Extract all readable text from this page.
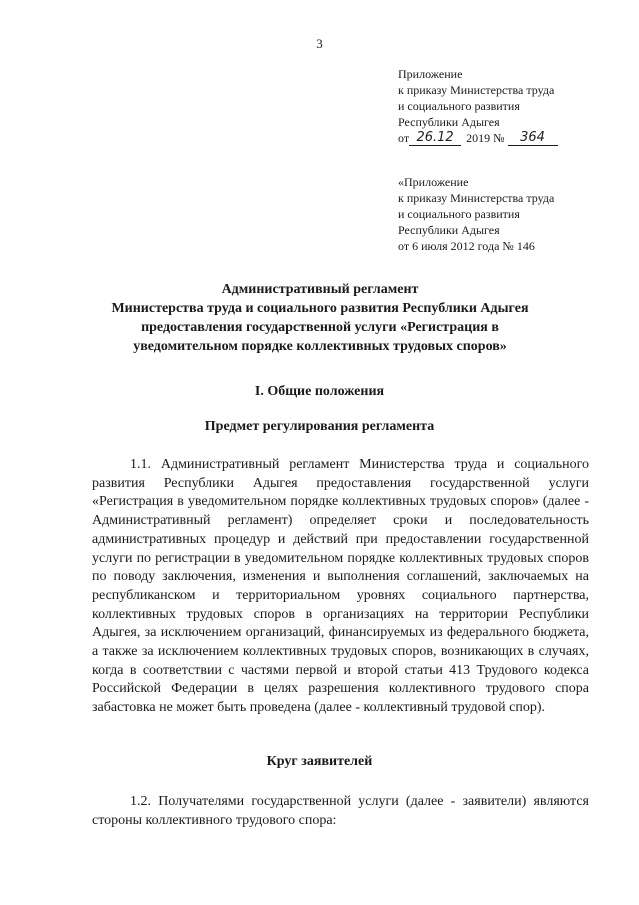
3
Приложение
к приказу Министерства труда
и социального развития
Республики Адыгея
от 26.12	2019 №	364
«Приложение
к приказу Министерства труда
и социального развития
Республики Адыгея
от 6 июля 2012 года № 146
Административный регламент
Министерства труда и социального развития Республики Адыгея
предоставления государственной услуги «Регистрация в
уведомительном порядке коллективных трудовых споров»
I. Общие положения
Предмет регулирования регламента

1.1. Административный регламент Министерства труда и социального развития Республики Адыгея предоставления государственной услуги «Регистрация в уведомительном порядке коллективных трудовых споров» (далее - Административный регламент) определяет сроки и последовательность административных процедур и действий при предоставлении государственной услуги по регистрации в уведомительном порядке коллективных трудовых споров по поводу заключения, изменения и выполнения соглашений, заключаемых на республиканском и территориальном уровнях социального партнерства, коллективных трудовых споров в организациях на территории Республики Адыгея, за исключением организаций, финансируемых из федерального бюджета, а также за исключением коллективных трудовых споров, возникающих в случаях, когда в соответствии с частями первой и второй статьи 413 Трудового кодекса Российской Федерации в целях разрешения коллективного трудового спора забастовка не может быть проведена (далее - коллективный трудовой спор).

Круг заявителей

1.2. Получателями государственной услуги (далее - заявители) являются стороны коллективного трудового спора:
